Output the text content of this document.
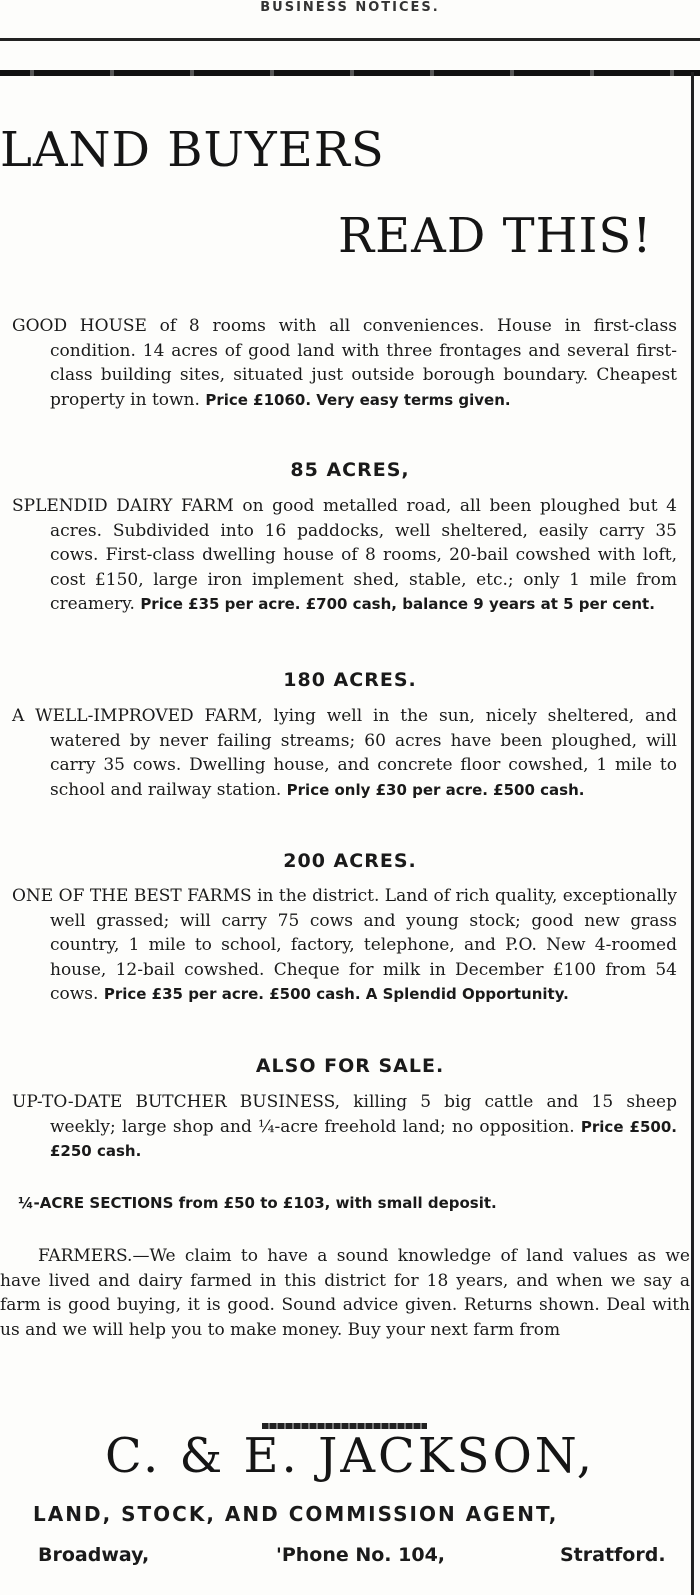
BUSINESS NOTICES.
LAND BUYERS
READ THIS!
GOOD HOUSE of 8 rooms with all conveniences. House in first-class condition. 14 acres of good land with three frontages and several first-class building sites, situated just outside borough boundary. Cheapest property in town. Price £1060. Very easy terms given.
85 ACRES,
SPLENDID DAIRY FARM on good metalled road, all been ploughed but 4 acres. Subdivided into 16 paddocks, well sheltered, easily carry 35 cows. First-class dwelling house of 8 rooms, 20-bail cowshed with loft, cost £150, large iron implement shed, stable, etc.; only 1 mile from creamery. Price £35 per acre. £700 cash, balance 9 years at 5 per cent.
180 ACRES.
A WELL-IMPROVED FARM, lying well in the sun, nicely sheltered, and watered by never failing streams; 60 acres have been ploughed, will carry 35 cows. Dwelling house, and concrete floor cowshed, 1 mile to school and railway station. Price only £30 per acre. £500 cash.
200 ACRES.
ONE OF THE BEST FARMS in the district. Land of rich quality, exceptionally well grassed; will carry 75 cows and young stock; good new grass country, 1 mile to school, factory, telephone, and P.O. New 4-roomed house, 12-bail cowshed. Cheque for milk in December £100 from 54 cows. Price £35 per acre. £500 cash. A Splendid Opportunity.
ALSO FOR SALE.
UP-TO-DATE BUTCHER BUSINESS, killing 5 big cattle and 15 sheep weekly; large shop and ¼-acre freehold land; no opposition. Price £500. £250 cash.
¼-ACRE SECTIONS from £50 to £103, with small deposit.
FARMERS.—We claim to have a sound knowledge of land values as we have lived and dairy farmed in this district for 18 years, and when we say a farm is good buying, it is good. Sound advice given. Returns shown. Deal with us and we will help you to make money. Buy your next farm from
C. & E. JACKSON,
LAND, STOCK, AND COMMISSION AGENT,
Broadway,	'Phone No. 104,	Stratford.
